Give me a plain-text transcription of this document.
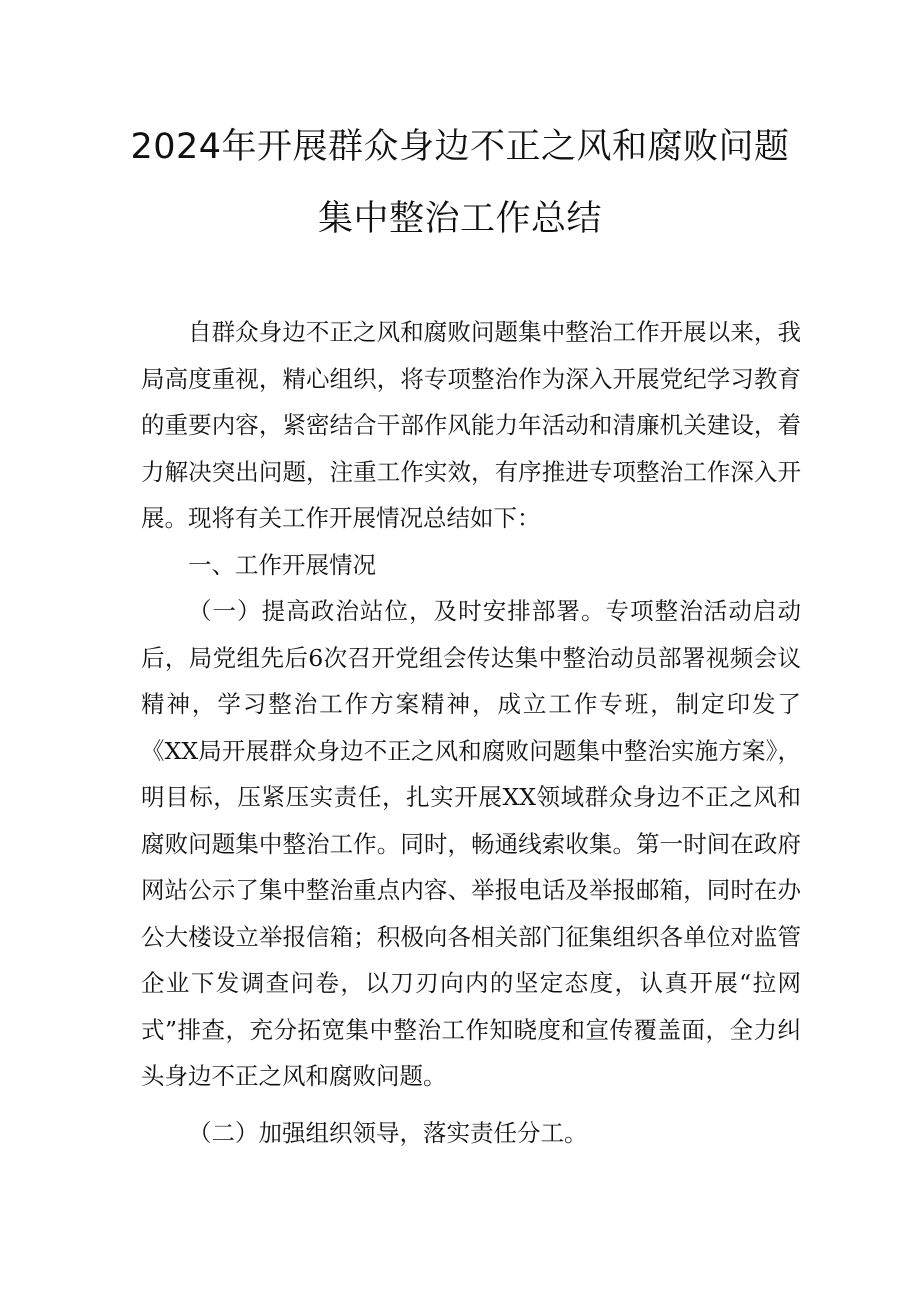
2024年开展群众身边不正之风和腐败问题
集中整治工作总结

自群众身边不正之风和腐败问题集中整治工作开展以来，我局高度重视，精心组织，将专项整治作为深入开展党纪学习教育的重要内容，紧密结合干部作风能力年活动和清廉机关建设，着力解决突出问题，注重工作实效，有序推进专项整治工作深入开展。现将有关工作开展情况总结如下：

一、工作开展情况

（一）提高政治站位，及时安排部署。专项整治活动启动后，局党组先后6次召开党组会传达集中整治动员部署视频会议精神，学习整治工作方案精神，成立工作专班，制定印发了《XX局开展群众身边不正之风和腐败问题集中整治实施方案》，明目标，压紧压实责任，扎实开展XX领域群众身边不正之风和腐败问题集中整治工作。同时，畅通线索收集。第一时间在政府网站公示了集中整治重点内容、举报电话及举报邮箱，同时在办公大楼设立举报信箱；积极向各相关部门征集组织各单位对监管企业下发调查问卷，以刀刃向内的坚定态度，认真开展“拉网式”排查，充分拓宽集中整治工作知晓度和宣传覆盖面，全力纠头身边不正之风和腐败问题。

（二）加强组织领导，落实责任分工。
